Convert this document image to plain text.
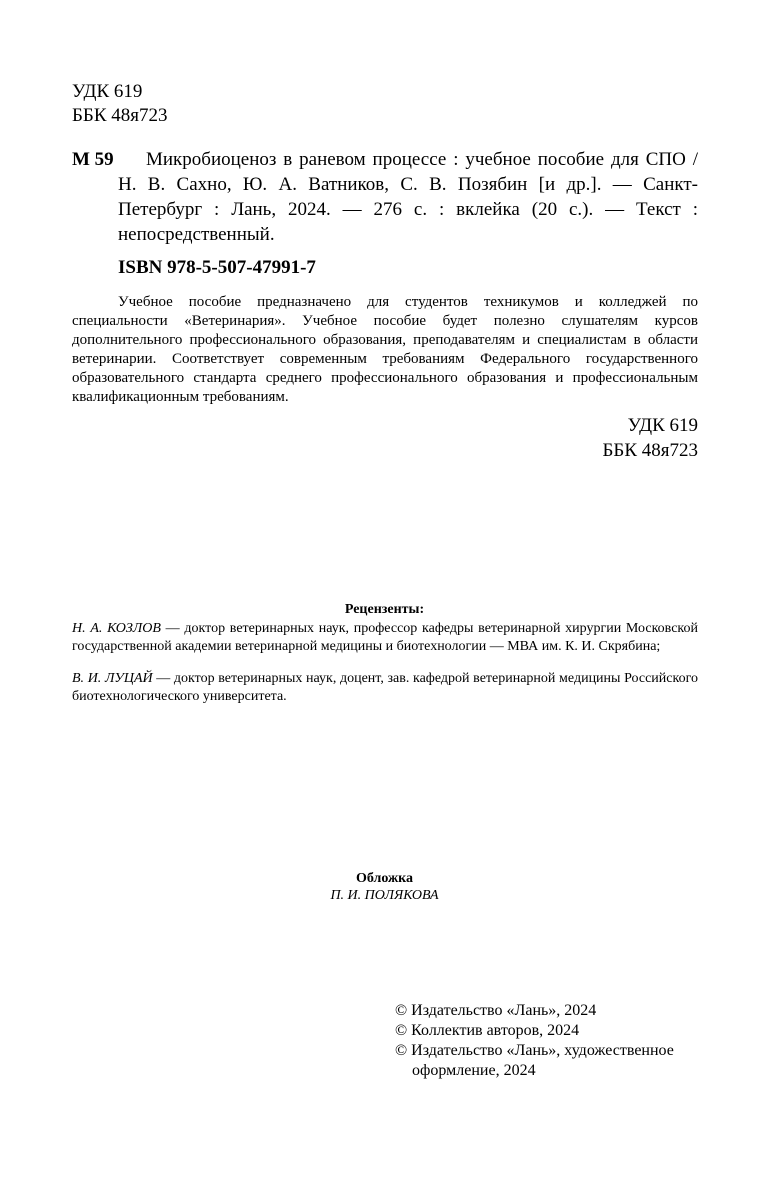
УДК 619
ББК 48я723
М 59	Микробиоценоз в раневом процессе : учебное пособие для СПО / Н. В. Сахно, Ю. А. Ватников, С. В. Позябин [и др.]. — Санкт-Петербург : Лань, 2024. — 276 с. : вклейка (20 с.). — Текст : непосредственный.
ISBN 978-5-507-47991-7
Учебное пособие предназначено для студентов техникумов и колледжей по специальности «Ветеринария». Учебное пособие будет полезно слушателям курсов дополнительного профессионального образования, преподавателям и специалистам в области ветеринарии. Соответствует современным требованиям Федерального государственного образовательного стандарта среднего профессионального образования и профессиональным квалификационным требованиям.
УДК 619
ББК 48я723
Рецензенты:
Н. А. КОЗЛОВ — доктор ветеринарных наук, профессор кафедры ветеринарной хирургии Московской государственной академии ветеринарной медицины и биотехнологии — МВА им. К. И. Скрябина;
В. И. ЛУЦАЙ — доктор ветеринарных наук, доцент, зав. кафедрой ветеринарной медицины Российского биотехнологического университета.
Обложка
П. И. ПОЛЯКОВА
© Издательство «Лань», 2024
© Коллектив авторов, 2024
© Издательство «Лань», художественное оформление, 2024
